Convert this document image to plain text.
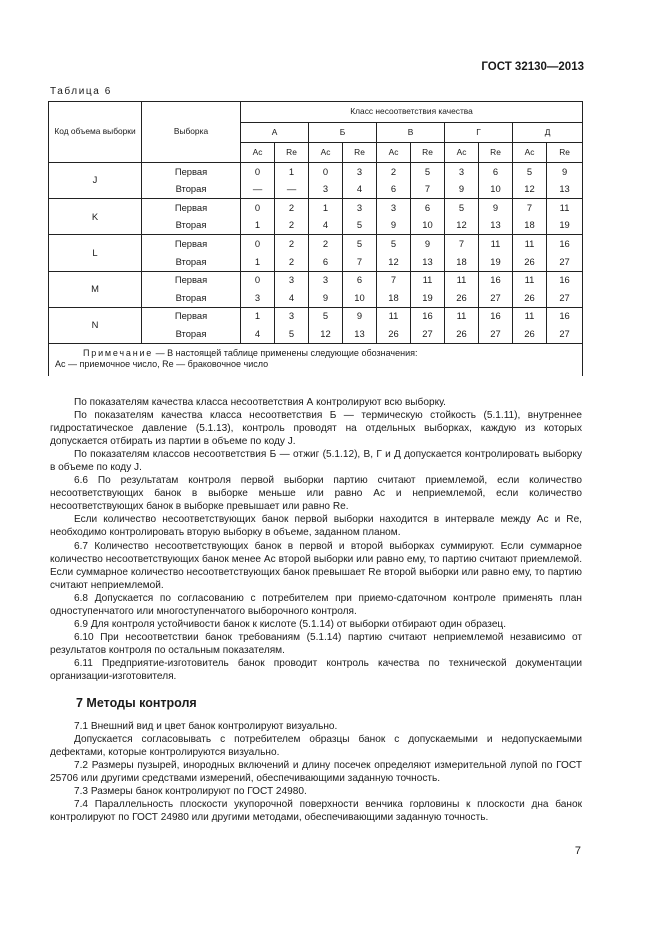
ГОСТ 32130—2013
Таблица 6
Код объема выборки	Выборка	Класс несоответствия качества									
		А		Б		В		Г		Д	
		Ac	Re	Ac	Re	Ac	Re	Ac	Re	Ac	Re
J	Первая	0	1	0	3	2	5	3	6	5	9
	Вторая	—	—	3	4	6	7	9	10	12	13
K	Первая	0	2	1	3	3	6	5	9	7	11
	Вторая	1	2	4	5	9	10	12	13	18	19
L	Первая	0	2	2	5	5	9	7	11	11	16
	Вторая	1	2	6	7	12	13	18	19	26	27
M	Первая	0	3	3	6	7	11	11	16	11	16
	Вторая	3	4	9	10	18	19	26	27	26	27
N	Первая	1	3	5	9	11	16	11	16	11	16
	Вторая	4	5	12	13	26	27	26	27	26	27

Примечание — В настоящей таблице применены следующие обозначения:
Ac — приемочное число, Re — браковочное число											

По показателям качества класса несоответствия А контролируют всю выборку.

По показателям качества класса несоответствия Б — термическую стойкость (5.1.11), внутреннее гидростатическое давление (5.1.13), контроль проводят на отдельных выборках, каждую из которых допускается отбирать из партии в объеме по коду J.

По показателям классов несоответствия Б — отжиг (5.1.12), В, Г и Д допускается контролировать выборку в объеме по коду J.

6.6 По результатам контроля первой выборки партию считают приемлемой, если количество несоответствующих банок в выборке меньше или равно Ас и неприемлемой, если количество несоответствующих банок в выборке превышает или равно Re.

Если количество несоответствующих банок первой выборки находится в интервале между Ас и Re, необходимо контролировать вторую выборку в объеме, заданном планом.

6.7 Количество несоответствующих банок в первой и второй выборках суммируют. Если суммарное количество несоответствующих банок менее Ас второй выборки или равно ему, то партию считают приемлемой. Если суммарное количество несоответствующих банок превышает Re второй выборки или равно ему, то партию считают неприемлемой.

6.8 Допускается по согласованию с потребителем при приемо-сдаточном контроле применять план одноступенчатого или многоступенчатого выборочного контроля.

6.9 Для контроля устойчивости банок к кислоте (5.1.14) от выборки отбирают один образец.

6.10 При несоответствии банок требованиям (5.1.14) партию считают неприемлемой независимо от результатов контроля по остальным показателям.

6.11 Предприятие-изготовитель банок проводит контроль качества по технической документации организации-изготовителя.

7 Методы контроля

7.1 Внешний вид и цвет банок контролируют визуально.

Допускается согласовывать с потребителем образцы банок с допускаемыми и недопускаемыми дефектами, которые контролируются визуально.

7.2 Размеры пузырей, инородных включений и длину посечек определяют измерительной лупой по ГОСТ 25706 или другими средствами измерений, обеспечивающими заданную точность.

7.3 Размеры банок контролируют по ГОСТ 24980.

7.4 Параллельность плоскости укупорочной поверхности венчика горловины к плоскости дна банок контролируют по ГОСТ 24980 или другими методами, обеспечивающими заданную точность.

7
